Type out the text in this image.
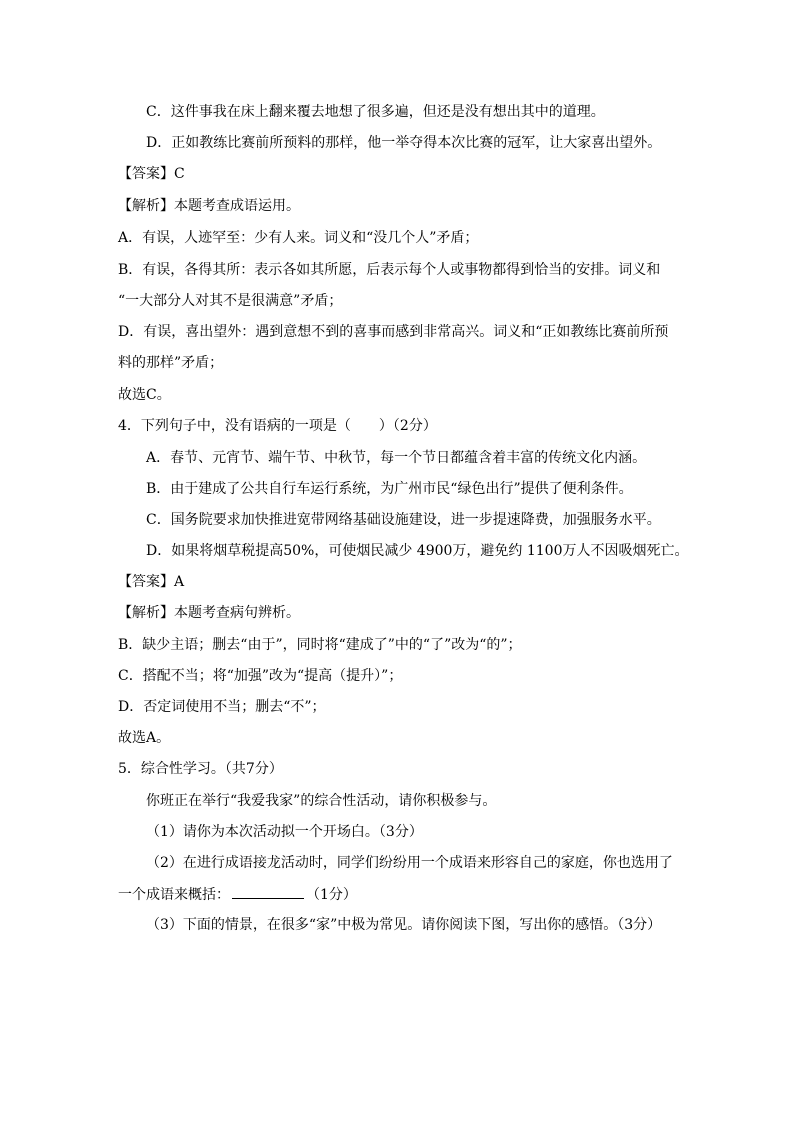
C．这件事我在床上翻来覆去地想了很多遍，但还是没有想出其中的道理。
D．正如教练比赛前所预料的那样，他一举夺得本次比赛的冠军，让大家喜出望外。
【答案】C
【解析】本题考查成语运用。
A．有误，人迹罕至：少有人来。词义和“没几个人”矛盾；
B．有误，各得其所：表示各如其所愿，后表示每个人或事物都得到恰当的安排。词义和
“一大部分人对其不是很满意”矛盾；
D．有误，喜出望外：遇到意想不到的喜事而感到非常高兴。词义和“正如教练比赛前所预
料的那样”矛盾；
故选C。
4．下列句子中，没有语病的一项是（　　）（2分）
A．春节、元宵节、端午节、中秋节，每一个节日都蕴含着丰富的传统文化内涵。
B．由于建成了公共自行车运行系统，为广州市民“绿色出行”提供了便利条件。
C．国务院要求加快推进宽带网络基础设施建设，进一步提速降费，加强服务水平。
D．如果将烟草税提高50%，可使烟民减少 4900万，避免约 1100万人不因吸烟死亡。
【答案】A
【解析】本题考查病句辨析。
B．缺少主语；删去“由于”，同时将“建成了”中的“了”改为“的”；
C．搭配不当；将“加强”改为“提高（提升）”；
D．否定词使用不当；删去“不”；
故选A。
5．综合性学习。（共7分）
你班正在举行“我爱我家”的综合性活动，请你积极参与。
（1）请你为本次活动拟一个开场白。（3分）
（2）在进行成语接龙活动时，同学们纷纷用一个成语来形容自己的家庭，你也选用了
一个成语来概括：	（1分）
（3）下面的情景，在很多“家”中极为常见。请你阅读下图，写出你的感悟。（3分）
